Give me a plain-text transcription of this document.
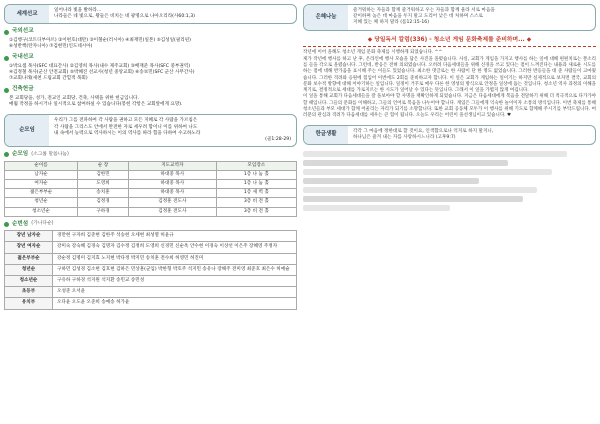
세계선교
일어나라 빛을 발하라...
나라들은 네 빛으로, 왕들은 비치는 네 광명으로 나아오리라(사60:1,3)
국외선교
①김행구(코트디부아르) ②이현호(대만) ③이철순(러시아) ④최재민(일본) ⑤김성일(필리핀)
⑥성반핵(탄자니아) ⑦김현민(인도네시아)
국내선교
①박요셉 목사(SFC 대표간사) ②김영희 목사(내수 제주교회) ③배재준 목사(SFC 중부권역)
④김정철 목사(군산 안전교회) ⑤박혜진 선교사(청년 중앙교회) ⑥송보민(SFC 군산 사무간사)
⑦교회나래(새천 드림교회 간헐적 목회)
건축헌금
본 교회당을, 성가, 전교인 교회당, 건축, 사택을 위한 헌금입니다.
매월 작정을 하시거나 일시적으로 참여하실 수 있습니다(봉헌 각항은 교회앞에게 요망).
순모임
우리가 그를 전파하여 각 사람을 권하고 모든 지혜로 각 사람을 가르침은
각 사람을 그리스도 안에서 완전한 자로 세우려 함이니 이를 위하여 나도
내 속에서 능력으로 역사하시는 이의 역사를 따라 힘을 다하여 수고하노라
(골1:28-29)
순모임 (소그룹 말씀나눔)
순이름	순 장	지도교역자	모임장소
남자순	김한민	하대중 목사	1층 나 눔 홀
여자순	도영희	하대중 목사	1층 나 눔 홀
젊은부부순	송치훈	하대중 목사	1층 새 벽 홀
청년순	김정경	김정훈 전도사	3층 비 전 홀
청소년순	구하경	김정훈 전도사	3층 비 전 홀
순번섬 (가나다순)
장년 남자순	경만현 구자희 김준현 김한주 석승헌 오세현 최성열 허윤규
장년 여자순	강미숙 강숙혜 김경숙 김명자 김수정 김정희 도영희 신경민 신순옥 안수현 이경숙 이상선 이은주 장혜영 주정자
젊은부부순	강순정 김명미 김지효 노지현 박다정 박지민 송치훈 전수희 허영민 허진미
청년순	구하민 김성경 김소현 김호현 김하은 민상훈(군입) 박한형 박호주 석지민 송유나 장해주 전미영 최준호 최은수 허예슬
청소년순	구유하 구하경 석지원 석지환 송민교 송민성
초등부	오성준 오서윤
유치부	오다윤 오도윤 오준희 송예송 허가윤
은혜나눔
즐거워하는 자들과 함께 즐거워하고 우는 자들과 함께 울라 서로 마음을
같이하며 높은 데 마음을 두지 말고 도리어 낮은 데 처하며 스스로
지혜 있는 체 하지 말라 (롬12:15-16)
◆ 당일독서 칼럼(336) - 청소년 게임 문화축제를 준비하며... ◆

작년에 이어 올해도 청소년 게임 문화 축제를 시행하게 되었습니다. ^^

제가 작년에 행사를 하고 난 후, 온라인에 행사 모습을 담은 사진을 올렸습니다. 사실, 교회가 게임을 가지고 행사를 하는 일에 대해 편편치로는 쭌소리를 들을 각오로 올렸습니다. 그런데, 반응은 전혀 의외였습니다. 오히려 다음세대들을 위해 신경을 쓰고 있다는 점이 느껴진다는 내용과 새로운 시도를 하는 점에 대해 반가움을 표시해 주는 이들도 있었습니다. 최소한 댓글로는 한 사람이 단 한 명도 없었습니다. 그러한 반응들을 대 준 사람들이 고마웠습니다. 그러한 격려와 응원에 힘입어 이번에도 2회를 준비하고자 합니다. 이 일은 교회가 게임하는 일이기는 하지만 실제적으로 보자면 결국, 교회의 문화 보수적 방향에 대해 이야기하는 일입니다. 일정이 거꾸로 매우 다른 한 영성의 방식으로 안정을 일상에 돕는 것입니다. 청소년 역사 과정의 이해을 계기로, 결정적으로 세대를 가로지르는 한 시도가 일어날 수 있다는 뜻입니다. 그래서 이 일을 가볍지 않게 여깁니다.

이 일을 통해 교회가 다음세대들을 잘 돌보아야 할 사명을 재확인하게 되었습니다. 지금은 다음세대에게 복음을 전달하기 위해 더 적극적으로 다가가야 할 때입니다. 그들의 문화를 이해하고, 그들의 언어로 복음을 나누어야 합니다. 게임은 그들에게 익숙한 놀이이자 소통의 방식입니다. 이번 축제를 통해 청소년들과 부모 세대가 함께 어울리는 자리가 되기를 소망합니다. 또한 교회 공동체 모두가 이 행사를 위해 기도로 함께해 주시기를 부탁드립니다. 여러분의 관심과 격려가 다음세대를 세우는 큰 힘이 됩니다. 오늘도 우리는 어린이 올선생님이고 있습니다. ♥

한글생활
각각 그 마음에 정한대로 할 것이요, 인색함으로나 억지로 하지 말지니,
하나님은 즐겨 내는 자를 사랑하시느니라 (고후9:7)
